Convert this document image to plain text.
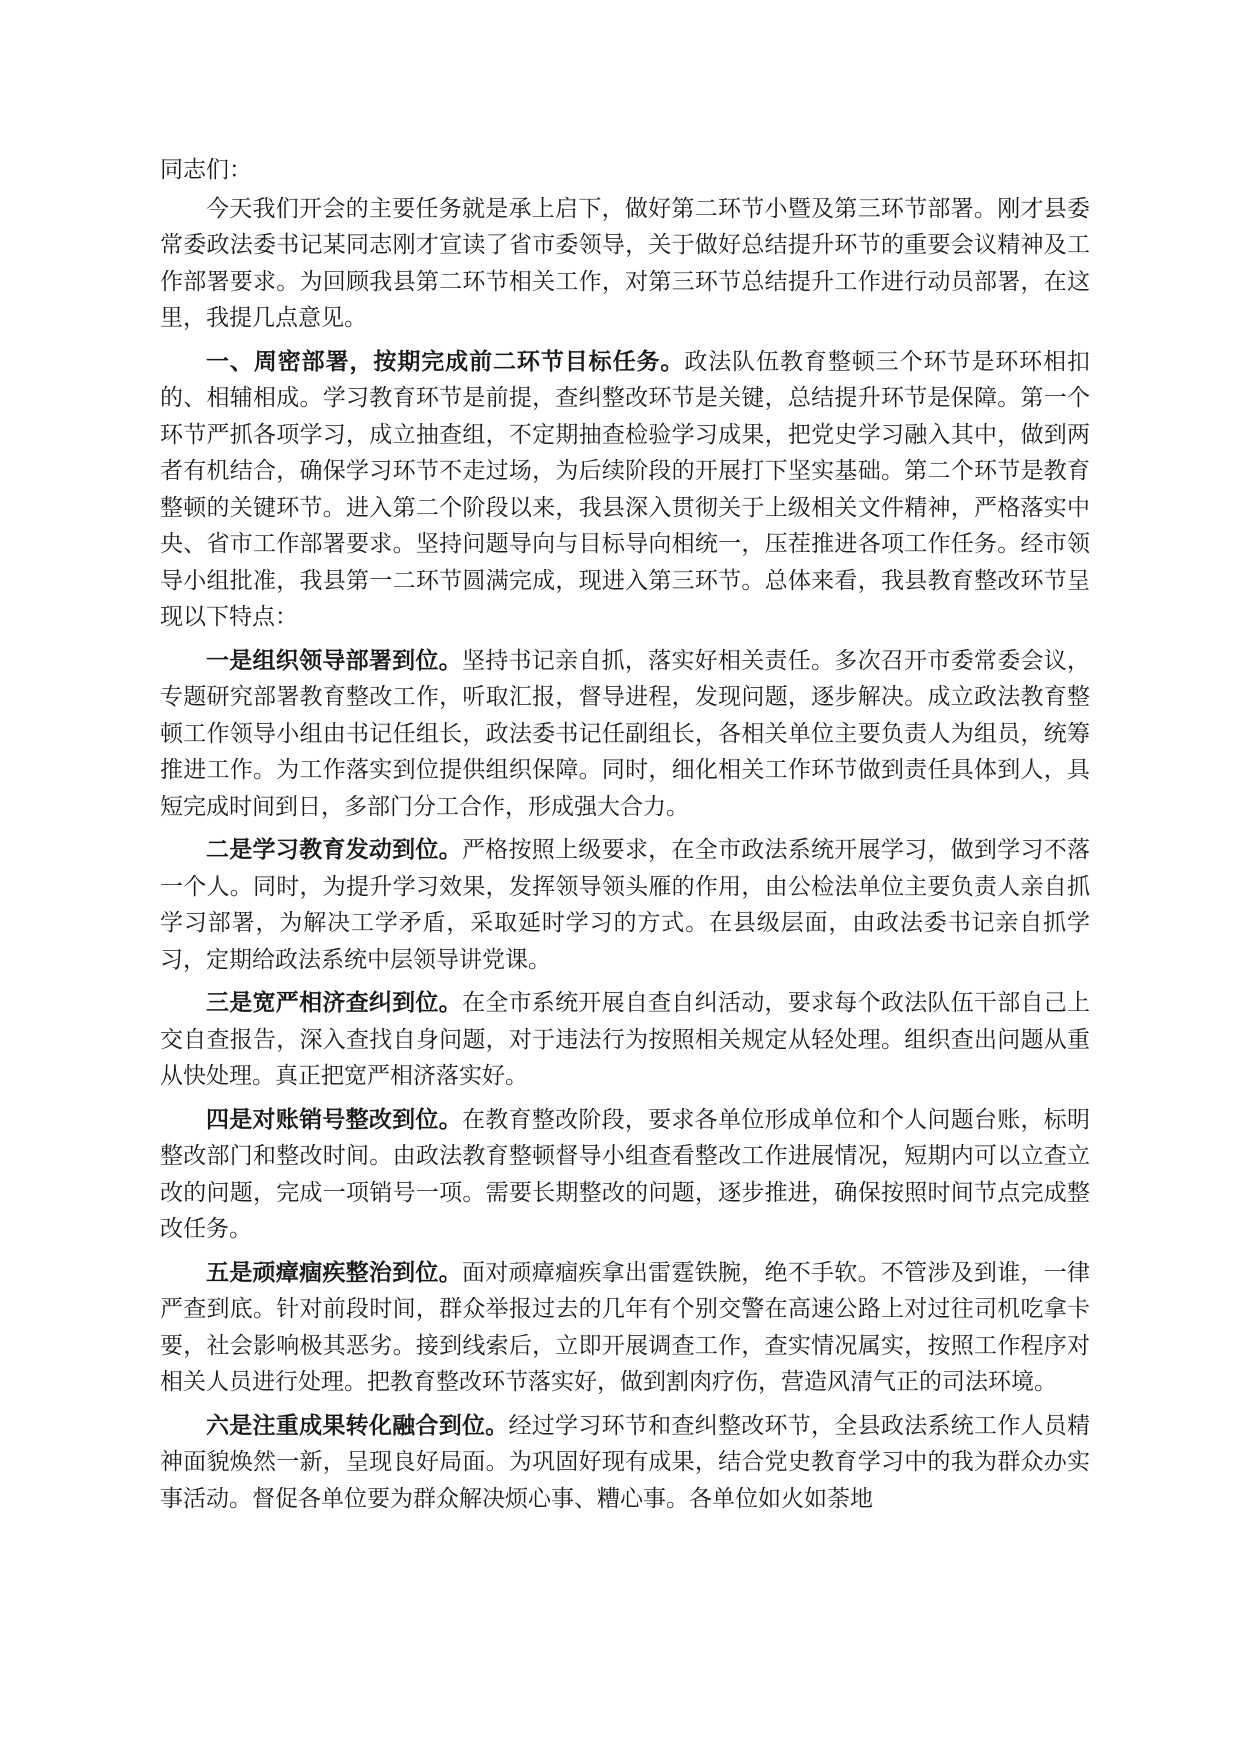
同志们：

今天我们开会的主要任务就是承上启下，做好第二环节小暨及第三环节部署。刚才县委常委政法委书记某同志刚才宣读了省市委领导，关于做好总结提升环节的重要会议精神及工作部署要求。为回顾我县第二环节相关工作，对第三环节总结提升工作进行动员部署，在这里，我提几点意见。

一、周密部署，按期完成前二环节目标任务。政法队伍教育整顿三个环节是环环相扣的、相辅相成。学习教育环节是前提，查纠整改环节是关键，总结提升环节是保障。第一个环节严抓各项学习，成立抽查组，不定期抽查检验学习成果，把党史学习融入其中，做到两者有机结合，确保学习环节不走过场，为后续阶段的开展打下坚实基础。第二个环节是教育整顿的关键环节。进入第二个阶段以来，我县深入贯彻关于上级相关文件精神，严格落实中央、省市工作部署要求。坚持问题导向与目标导向相统一，压茬推进各项工作任务。经市领导小组批准，我县第一二环节圆满完成，现进入第三环节。总体来看，我县教育整改环节呈现以下特点：

一是组织领导部署到位。坚持书记亲自抓，落实好相关责任。多次召开市委常委会议，专题研究部署教育整改工作，听取汇报，督导进程，发现问题，逐步解决。成立政法教育整顿工作领导小组由书记任组长，政法委书记任副组长，各相关单位主要负责人为组员，统筹推进工作。为工作落实到位提供组织保障。同时，细化相关工作环节做到责任具体到人，具短完成时间到日，多部门分工合作，形成强大合力。

二是学习教育发动到位。严格按照上级要求，在全市政法系统开展学习，做到学习不落一个人。同时，为提升学习效果，发挥领导领头雁的作用，由公检法单位主要负责人亲自抓学习部署，为解决工学矛盾，采取延时学习的方式。在县级层面，由政法委书记亲自抓学习，定期给政法系统中层领导讲党课。

三是宽严相济查纠到位。在全市系统开展自查自纠活动，要求每个政法队伍干部自己上交自查报告，深入查找自身问题，对于违法行为按照相关规定从轻处理。组织查出问题从重从快处理。真正把宽严相济落实好。

四是对账销号整改到位。在教育整改阶段，要求各单位形成单位和个人问题台账，标明整改部门和整改时间。由政法教育整顿督导小组查看整改工作进展情况，短期内可以立查立改的问题，完成一项销号一项。需要长期整改的问题，逐步推进，确保按照时间节点完成整改任务。

五是顽瘴痼疾整治到位。面对顽瘴痼疾拿出雷霆铁腕，绝不手软。不管涉及到谁，一律严查到底。针对前段时间，群众举报过去的几年有个别交警在高速公路上对过往司机吃拿卡要，社会影响极其恶劣。接到线索后，立即开展调查工作，查实情况属实，按照工作程序对相关人员进行处理。把教育整改环节落实好，做到割肉疗伤，营造风清气正的司法环境。

六是注重成果转化融合到位。经过学习环节和查纠整改环节，全县政法系统工作人员精神面貌焕然一新，呈现良好局面。为巩固好现有成果，结合党史教育学习中的我为群众办实事活动。督促各单位要为群众解决烦心事、糟心事。各单位如火如荼地
